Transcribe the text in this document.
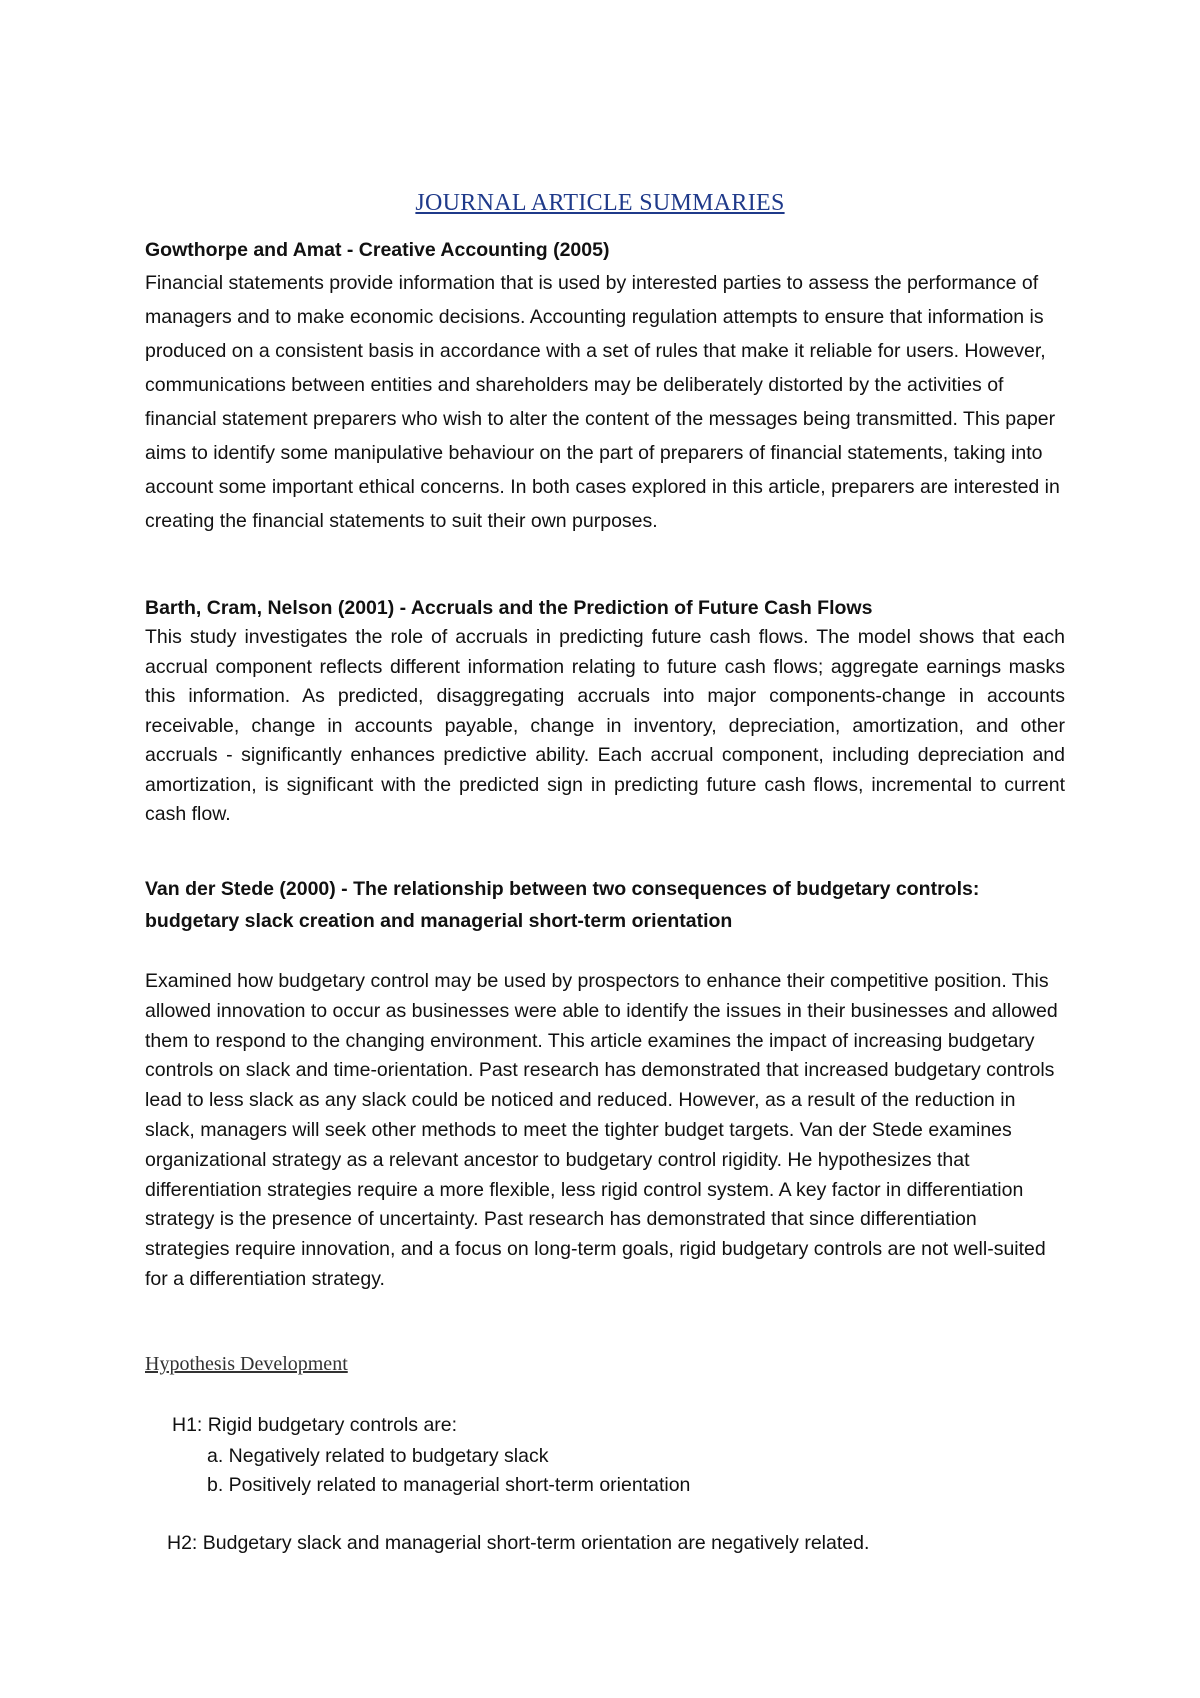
JOURNAL ARTICLE SUMMARIES

Gowthorpe and Amat - Creative Accounting (2005)

Financial statements provide information that is used by interested parties to assess the performance of managers and to make economic decisions. Accounting regulation attempts to ensure that information is produced on a consistent basis in accordance with a set of rules that make it reliable for users. However, communications between entities and shareholders may be deliberately distorted by the activities of financial statement preparers who wish to alter the content of the messages being transmitted. This paper aims to identify some manipulative behaviour on the part of preparers of financial statements, taking into account some important ethical concerns. In both cases explored in this article, preparers are interested in creating the financial statements to suit their own purposes.

Barth, Cram, Nelson (2001) - Accruals and the Prediction of Future Cash Flows

This study investigates the role of accruals in predicting future cash flows. The model shows that each accrual component reflects different information relating to future cash flows; aggregate earnings masks this information. As predicted, disaggregating accruals into major components-change in accounts receivable, change in accounts payable, change in inventory, depreciation, amortization, and other accruals - significantly enhances predictive ability. Each accrual component, including depreciation and amortization, is significant with the predicted sign in predicting future cash flows, incremental to current cash flow.

Van der Stede (2000) - The relationship between two consequences of budgetary controls: budgetary slack creation and managerial short-term orientation

Examined how budgetary control may be used by prospectors to enhance their competitive position. This allowed innovation to occur as businesses were able to identify the issues in their businesses and allowed them to respond to the changing environment. This article examines the impact of increasing budgetary controls on slack and time-orientation. Past research has demonstrated that increased budgetary controls lead to less slack as any slack could be noticed and reduced. However, as a result of the reduction in slack, managers will seek other methods to meet the tighter budget targets. Van der Stede examines organizational strategy as a relevant ancestor to budgetary control rigidity. He hypothesizes that differentiation strategies require a more flexible, less rigid control system. A key factor in differentiation strategy is the presence of uncertainty. Past research has demonstrated that since differentiation strategies require innovation, and a focus on long-term goals, rigid budgetary controls are not well-suited for a differentiation strategy.

Hypothesis Development

H1: Rigid budgetary controls are:

a. Negatively related to budgetary slack

b. Positively related to managerial short-term orientation

H2: Budgetary slack and managerial short-term orientation are negatively related.
